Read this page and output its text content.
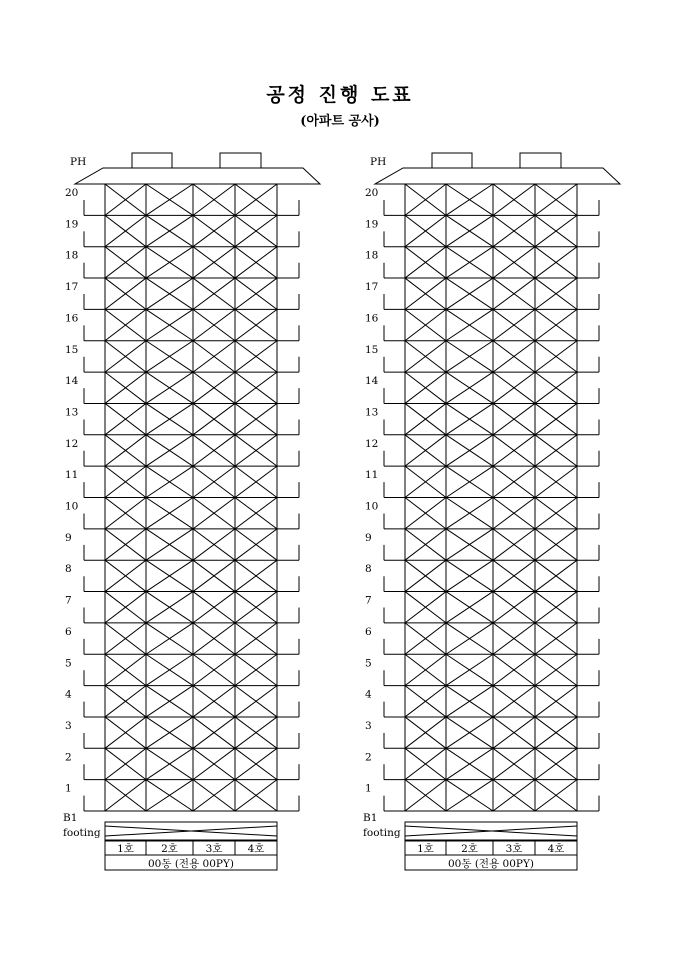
공정 진행 도표
(아파트 공사)
PH
20
19
18
17
16
15
14
13
12
11
10
9
8
7
6
5
4
3
2
1
B1
footing
1호	2호	3호 4호
00동 (전용 00PY)
PH
20
19
18
17
16
15
14
13
12
11
10
9
8
7
6
5
4
3
2
1
B1
footing
1호	2호	3호 4호
00동 (전용 00PY)
